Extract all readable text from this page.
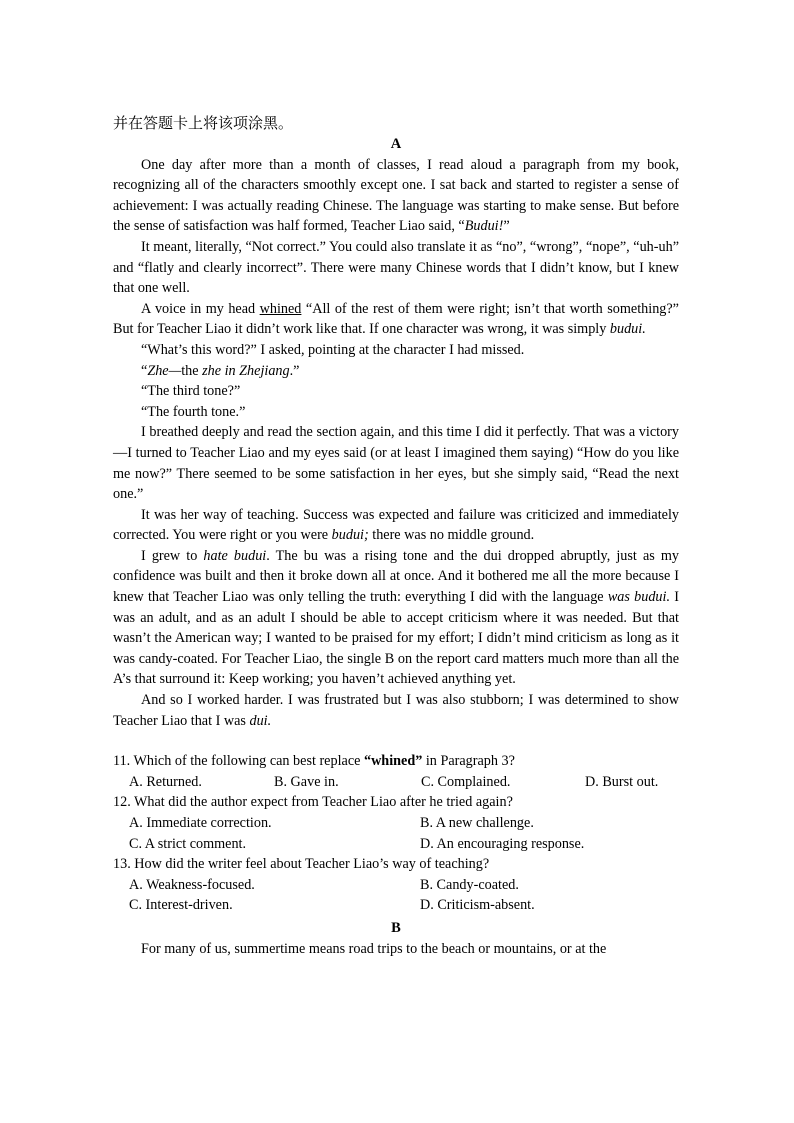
并在答题卡上将该项涂黑。
A

One day after more than a month of classes, I read aloud a paragraph from my book, recognizing all of the characters smoothly except one. I sat back and started to register a sense of achievement: I was actually reading Chinese. The language was starting to make sense. But before the sense of satisfaction was half formed, Teacher Liao said, “Budui!”

It meant, literally, “Not correct.” You could also translate it as “no”, “wrong”, “nope”, “uh-uh” and “flatly and clearly incorrect”. There were many Chinese words that I didn’t know, but I knew that one well.

A voice in my head whined “All of the rest of them were right; isn’t that worth something?” But for Teacher Liao it didn’t work like that. If one character was wrong, it was simply budui.

“What’s this word?” I asked, pointing at the character I had missed.

“Zhe—the zhe in Zhejiang.”

“The third tone?”

“The fourth tone.”

I breathed deeply and read the section again, and this time I did it perfectly. That was a victory —I turned to Teacher Liao and my eyes said (or at least I imagined them saying) “How do you like me now?” There seemed to be some satisfaction in her eyes, but she simply said, “Read the next one.”

It was her way of teaching. Success was expected and failure was criticized and immediately corrected. You were right or you were budui; there was no middle ground.

I grew to hate budui. The bu was a rising tone and the dui dropped abruptly, just as my confidence was built and then it broke down all at once. And it bothered me all the more because I knew that Teacher Liao was only telling the truth: everything I did with the language was budui. I was an adult, and as an adult I should be able to accept criticism where it was needed. But that wasn’t the American way; I wanted to be praised for my effort; I didn’t mind criticism as long as it was candy-coated. For Teacher Liao, the single B on the report card matters much more than all the A’s that surround it: Keep working; you haven’t achieved anything yet.

And so I worked harder. I was frustrated but I was also stubborn; I was determined to show Teacher Liao that I was dui.

11. Which of the following can best replace “whined” in Paragraph 3?
A. Returned.	B. Gave in.	C. Complained.	D. Burst out.
12. What did the author expect from Teacher Liao after he tried again?
A. Immediate correction.	B. A new challenge.
C. A strict comment.	D. An encouraging response.
13. How did the writer feel about Teacher Liao’s way of teaching?
A. Weakness-focused.	B. Candy-coated.
C. Interest-driven.	D. Criticism-absent.
B

For many of us, summertime means road trips to the beach or mountains, or at the
